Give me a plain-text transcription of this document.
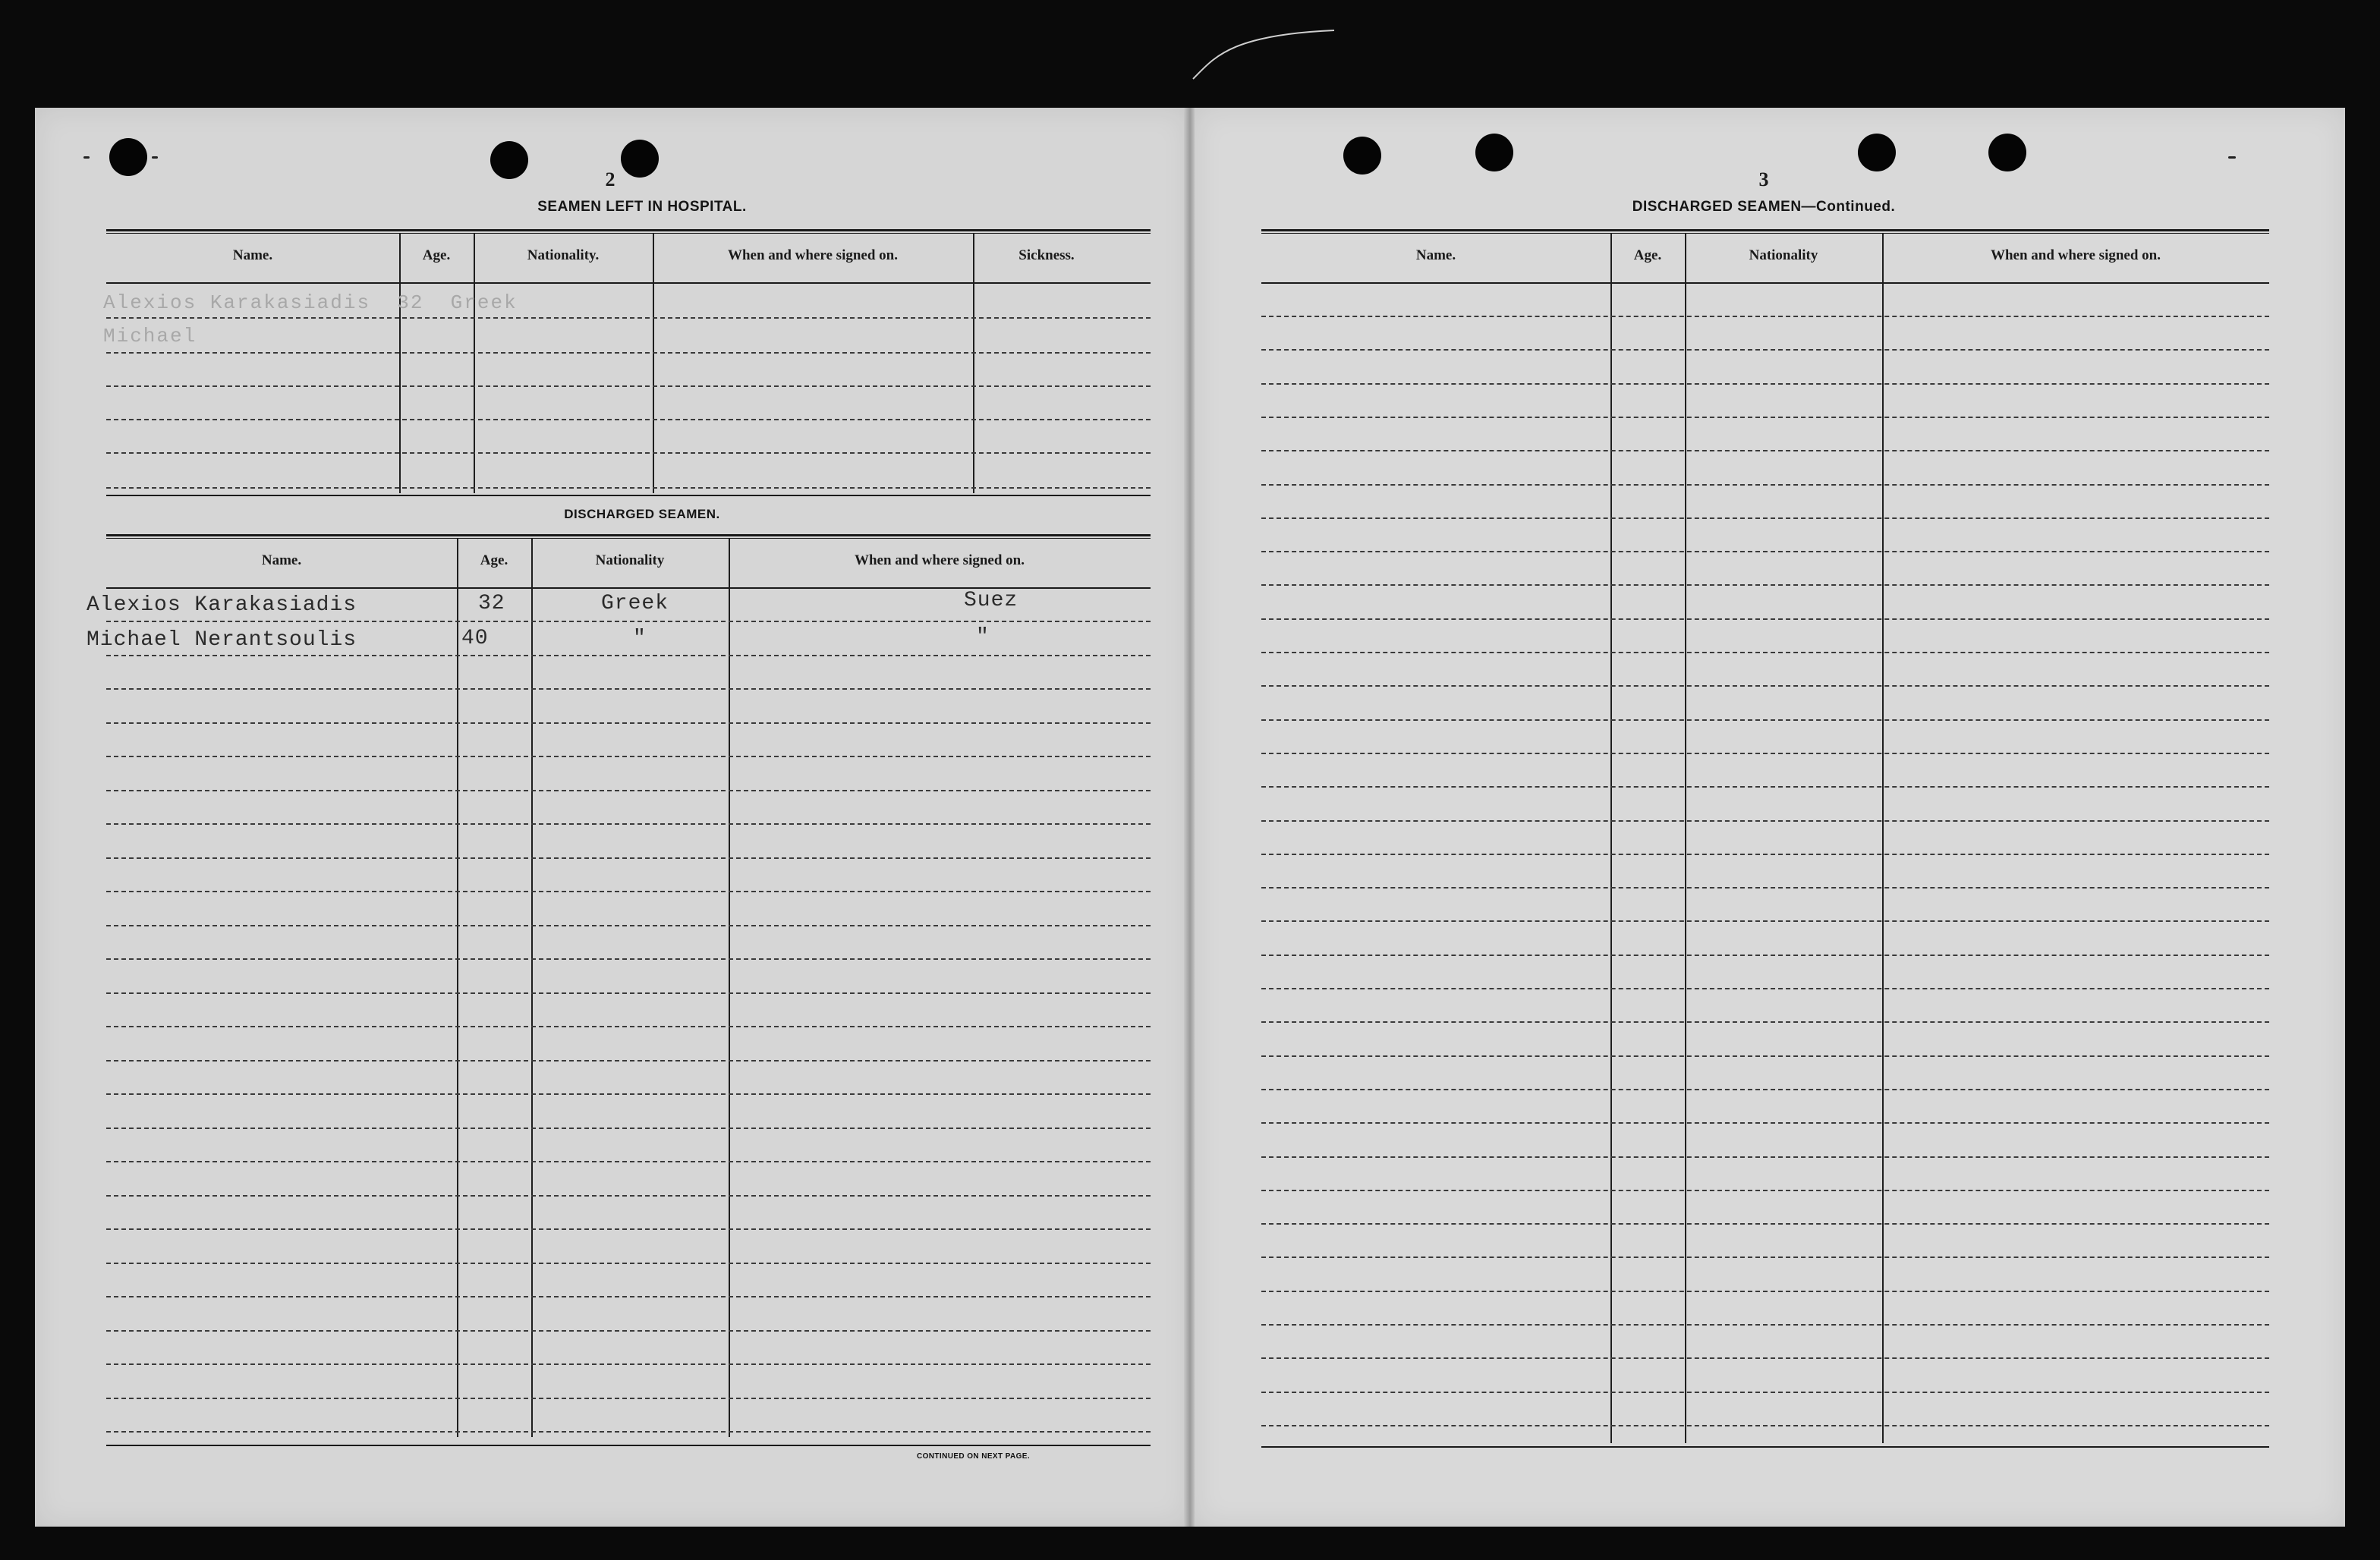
2
SEAMEN LEFT IN HOSPITAL.
Name.	Age.	Nationality.	When and where signed on.	Sickness.
Alexios Karakasiadis  32  Greek
Michael
DISCHARGED SEAMEN.
Name.	Age.	Nationality	When and where signed on.
Alexios Karakasiadis	32	Greek	Suez
Michael Nerantsoulis	40	"	"
CONTINUED ON NEXT PAGE.
3
DISCHARGED SEAMEN—Continued.
Name.	Age.	Nationality	When and where signed on.
